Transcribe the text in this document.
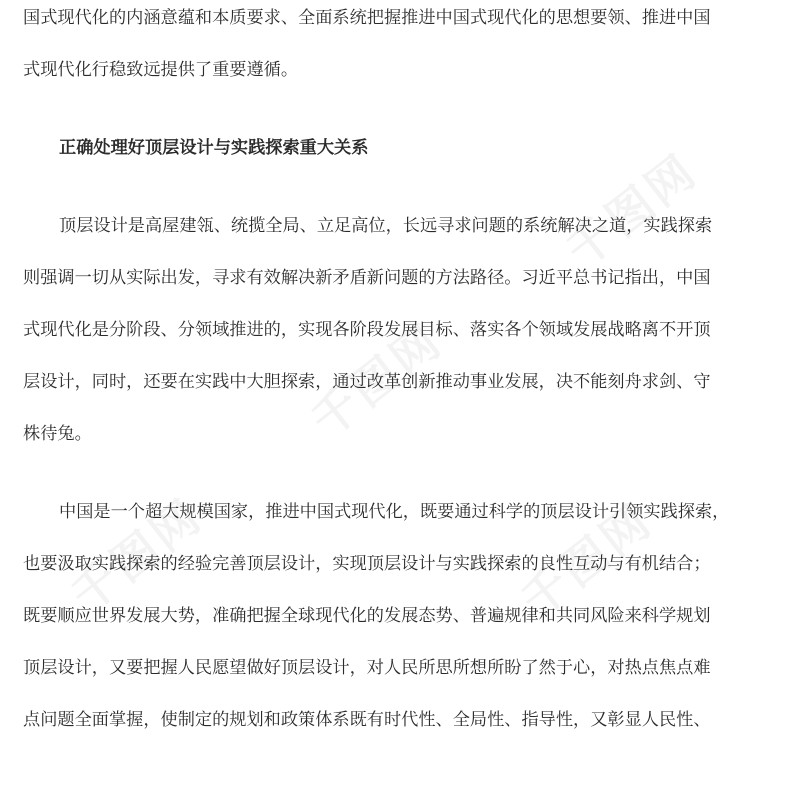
千图网
千图网
千图网	千图网
国式现代化的内涵意蕴和本质要求、全面系统把握推进中国式现代化的思想要领、推进中国
式现代化行稳致远提供了重要遵循。
正确处理好顶层设计与实践探索重大关系
顶层设计是高屋建瓴、统揽全局、立足高位，长远寻求问题的系统解决之道，实践探索
则强调一切从实际出发，寻求有效解决新矛盾新问题的方法路径。习近平总书记指出，中国
式现代化是分阶段、分领域推进的，实现各阶段发展目标、落实各个领域发展战略离不开顶
层设计，同时，还要在实践中大胆探索，通过改革创新推动事业发展，决不能刻舟求剑、守
株待兔。
中国是一个超大规模国家，推进中国式现代化，既要通过科学的顶层设计引领实践探索，
也要汲取实践探索的经验完善顶层设计，实现顶层设计与实践探索的良性互动与有机结合；
既要顺应世界发展大势，准确把握全球现代化的发展态势、普遍规律和共同风险来科学规划
顶层设计，又要把握人民愿望做好顶层设计，对人民所思所想所盼了然于心，对热点焦点难
点问题全面掌握，使制定的规划和政策体系既有时代性、全局性、指导性，又彰显人民性、
